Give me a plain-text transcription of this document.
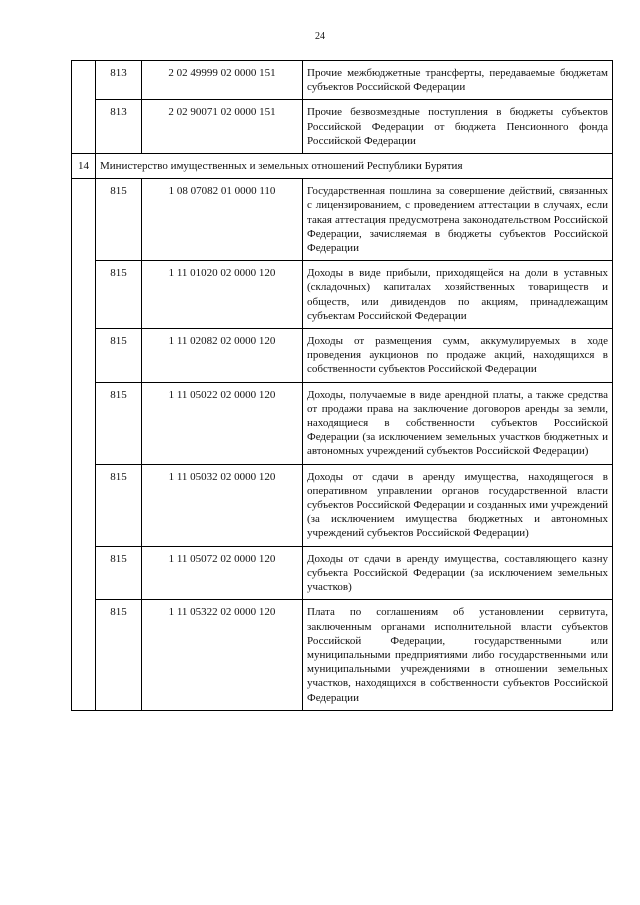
24
	813	2 02 49999 02 0000 151	Прочие межбюджетные трансферты, передаваемые бюджетам субъектов Российской Федерации
	813	2 02 90071 02 0000 151	Прочие безвозмездные поступления в бюджеты субъектов Российской Федерации от бюджета Пенсионного фонда Российской Федерации
14	Министерство имущественных и земельных отношений Республики Бурятия		
	815	1 08 07082 01 0000 110	Государственная пошлина за совершение действий, связанных с лицензированием, с проведением аттестации в случаях, если такая аттестация предусмотрена законодательством Российской Федерации, зачисляемая в бюджеты субъектов Российской Федерации
	815	1 11 01020 02 0000 120	Доходы в виде прибыли, приходящейся на доли в уставных (складочных) капиталах хозяйственных товариществ и обществ, или дивидендов по акциям, принадлежащим субъектам Российской Федерации
	815	1 11 02082 02 0000 120	Доходы от размещения сумм, аккумулируемых в ходе проведения аукционов по продаже акций, находящихся в собственности субъектов Российской Федерации
	815	1 11 05022 02 0000 120	Доходы, получаемые в виде арендной платы, а также средства от продажи права на заключение договоров аренды за земли, находящиеся в собственности субъектов Российской Федерации (за исключением земельных участков бюджетных и автономных учреждений субъектов Российской Федерации)
	815	1 11 05032 02 0000 120	Доходы от сдачи в аренду имущества, находящегося в оперативном управлении органов государственной власти субъектов Российской Федерации и созданных ими учреждений (за исключением имущества бюджетных и автономных учреждений субъектов Российской Федерации)
	815	1 11 05072 02 0000 120	Доходы от сдачи в аренду имущества, составляющего казну субъекта Российской Федерации (за исключением земельных участков)
	815	1 11 05322 02 0000 120	Плата по соглашениям об установлении сервитута, заключенным органами исполнительной власти субъектов Российской Федерации, государственными или муниципальными предприятиями либо государственными или муниципальными учреждениями в отношении земельных участков, находящихся в собственности субъектов Российской Федерации
